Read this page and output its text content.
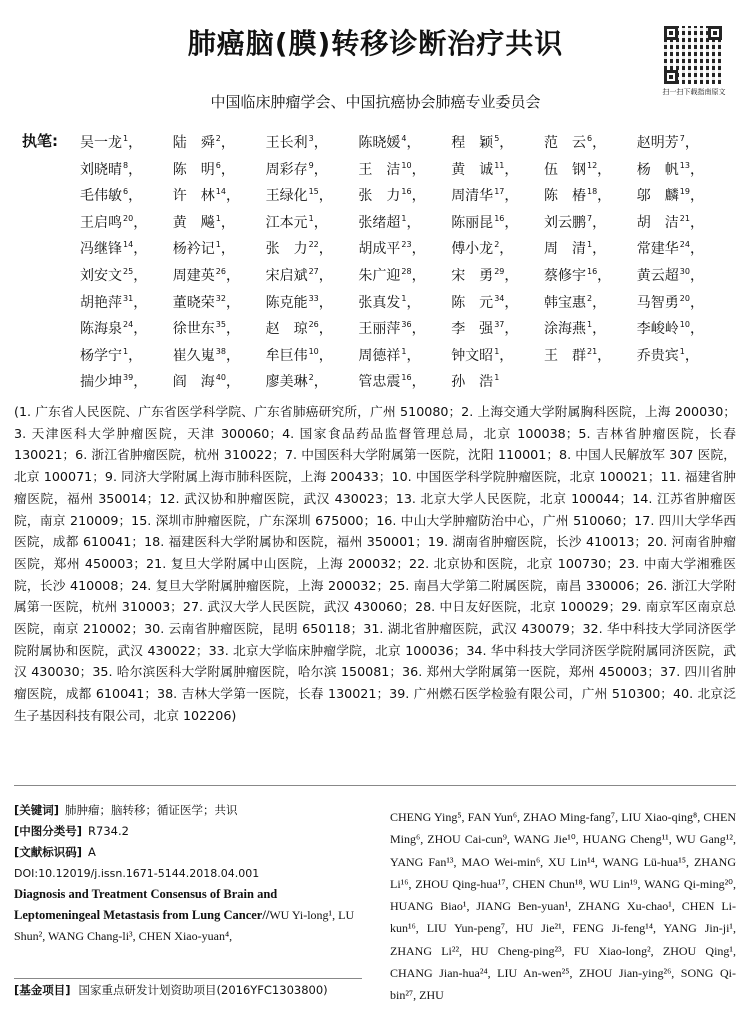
肺癌脑(膜)转移诊断治疗共识
扫一扫下载指南原文
中国临床肿瘤学会、中国抗癌协会肺癌专业委员会
执笔: 吴一龙$^1$，	陆　舜$^2$，	王长利$^3$，	陈晓媛$^4$，	程　颖$^5$，	范　云$^6$，	赵明芳$^7$，
刘晓晴$^8$，	陈　明$^6$，	周彩存$^9$，	王　洁$^{10}$，	黄　诚$^{11}$，	伍　钢$^{12}$，	杨　帆$^{13}$，
毛伟敏$^6$，	许　林$^{14}$，	王绿化$^{15}$，	张　力$^{16}$，	周清华$^{17}$，	陈　椿$^{18}$，	邬　麟$^{19}$，
王启鸣$^{20}$，	黄　飚$^1$，	江本元$^1$，	张绪超$^1$，	陈丽昆$^{16}$，	刘云鹏$^7$，	胡　洁$^{21}$，
冯继锋$^{14}$，	杨衿记$^1$，	张　力$^{22}$，	胡成平$^{23}$，	傅小龙$^2$，	周　清$^1$，	常建华$^{24}$，
刘安文$^{25}$，	周建英$^{26}$，	宋启斌$^{27}$，	朱广迎$^{28}$，	宋　勇$^{29}$，	蔡修宇$^{16}$，	黄云超$^{30}$，
胡艳萍$^{31}$，	董晓荣$^{32}$，	陈克能$^{33}$，	张真发$^1$，	陈　元$^{34}$，	韩宝惠$^2$，	马智勇$^{20}$，
陈海泉$^{24}$，	徐世东$^{35}$，	赵　琼$^{26}$，	王丽萍$^{36}$，	李　强$^{37}$，	涂海燕$^1$，	李峻岭$^{10}$，
杨学宁$^1$，	崔久嵬$^{38}$，	牟巨伟$^{10}$，	周德祥$^1$，	钟文昭$^1$，	王　群$^{21}$，	乔贵宾$^1$，
揣少坤$^{39}$，	阎　海$^{40}$，	廖美琳$^2$，	管忠震$^{16}$，	孙　浩$^1$
(1. 广东省人民医院、广东省医学科学院、广东省肺癌研究所，广州 510080；2. 上海交通大学附属胸科医院，上海 200030；3. 天津医科大学肿瘤医院，天津 300060；4. 国家食品药品监督管理总局，北京 100038；5. 吉林省肿瘤医院，长春 130021；6. 浙江省肿瘤医院，杭州 310022；7. 中国医科大学附属第一医院，沈阳 110001；8. 中国人民解放军 307 医院，北京 100071；9. 同济大学附属上海市肺科医院，上海 200433；10. 中国医学科学院肿瘤医院，北京 100021；11. 福建省肿瘤医院，福州 350014；12. 武汉协和肿瘤医院，武汉 430023；13. 北京大学人民医院，北京 100044；14. 江苏省肿瘤医院，南京 210009；15. 深圳市肿瘤医院，广东深圳 675000；16. 中山大学肿瘤防治中心，广州 510060；17. 四川大学华西医院，成都 610041；18. 福建医科大学附属协和医院，福州 350001；19. 湖南省肿瘤医院，长沙 410013；20. 河南省肿瘤医院，郑州 450003；21. 复旦大学附属中山医院，上海 200032；22. 北京协和医院，北京 100730；23. 中南大学湘雅医院，长沙 410008；24. 复旦大学附属肿瘤医院，上海 200032；25. 南昌大学第二附属医院，南昌 330006；26. 浙江大学附属第一医院，杭州 310003；27. 武汉大学人民医院，武汉 430060；28. 中日友好医院，北京 100029；29. 南京军区南京总医院，南京 210002；30. 云南省肿瘤医院，昆明 650118；31. 湖北省肿瘤医院，武汉 430079；32. 华中科技大学同济医学院附属协和医院，武汉 430022；33. 北京大学临床肿瘤学院，北京 100036；34. 华中科技大学同济医学院附属同济医院，武汉 430030；35. 哈尔滨医科大学附属肿瘤医院，哈尔滨 150081；36. 郑州大学附属第一医院，郑州 450003；37. 四川省肿瘤医院，成都 610041；38. 吉林大学第一医院，长春 130021；39. 广州燃石医学检验有限公司，广州 510300；40. 北京泛生子基因科技有限公司，北京 102206)
[关键词] 肺肿瘤；脑转移；循证医学；共识
[中图分类号] R734.2
[文献标识码] A
DOI:10.12019/j.issn.1671-5144.2018.04.001
Diagnosis and Treatment Consensus of Brain and Leptomeningeal Metastasis from Lung Cancer//WU Yi-long¹, LU Shun², WANG Chang-li³, CHEN Xiao-yuan⁴,
[基金项目] 国家重点研发计划资助项目(2016YFC1303800)
CHENG Ying⁵, FAN Yun⁶, ZHAO Ming-fang⁷, LIU Xiao-qing⁸, CHEN Ming⁶, ZHOU Cai-cun⁹, WANG Jie¹⁰, HUANG Cheng¹¹, WU Gang¹², YANG Fan¹³, MAO Wei-min⁶, XU Lin¹⁴, WANG Lü-hua¹⁵, ZHANG Li¹⁶, ZHOU Qing-hua¹⁷, CHEN Chun¹⁸, WU Lin¹⁹, WANG Qi-ming²⁰, HUANG Biao¹, JIANG Ben-yuan¹, ZHANG Xu-chao¹, CHEN Li-kun¹⁶, LIU Yun-peng⁷, HU Jie²¹, FENG Ji-feng¹⁴, YANG Jin-ji¹, ZHANG Li²², HU Cheng-ping²³, FU Xiao-long², ZHOU Qing¹, CHANG Jian-hua²⁴, LIU An-wen²⁵, ZHOU Jian-ying²⁶, SONG Qi-bin²⁷, ZHU
